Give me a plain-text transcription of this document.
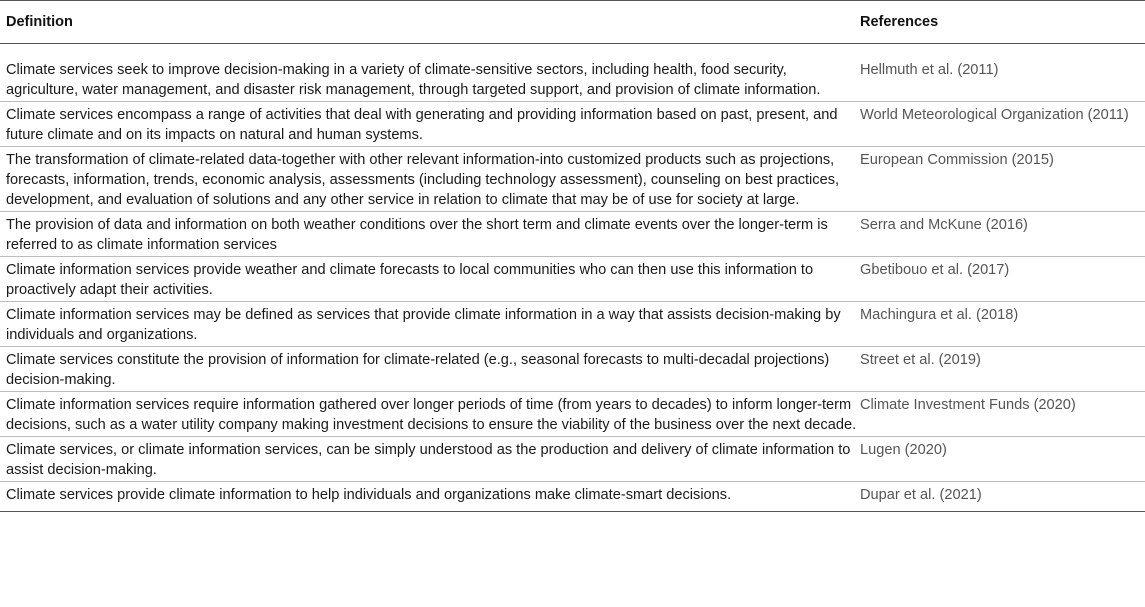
Definition	References
Climate services seek to improve decision-making in a variety of climate-sensitive sectors, including health, food security, agriculture, water management, and disaster risk management, through targeted support, and provision of climate information.	Hellmuth et al. (2011)
Climate services encompass a range of activities that deal with generating and providing information based on past, present, and future climate and on its impacts on natural and human systems.	World Meteorological Organization (2011)
The transformation of climate-related data-together with other relevant information-into customized products such as projections, forecasts, information, trends, economic analysis, assessments (including technology assessment), counseling on best practices, development, and evaluation of solutions and any other service in relation to climate that may be of use for society at large.	European Commission (2015)
The provision of data and information on both weather conditions over the short term and climate events over the longer-term is referred to as climate information services	Serra and McKune (2016)
Climate information services provide weather and climate forecasts to local communities who can then use this information to proactively adapt their activities.	Gbetibouo et al. (2017)
Climate information services may be defined as services that provide climate information in a way that assists decision-making by individuals and organizations.	Machingura et al. (2018)
Climate services constitute the provision of information for climate-related (e.g., seasonal forecasts to multi-decadal projections) decision-making.	Street et al. (2019)
Climate information services require information gathered over longer periods of time (from years to decades) to inform longer-term decisions, such as a water utility company making investment decisions to ensure the viability of the business over the next decade.	Climate Investment Funds (2020)
Climate services, or climate information services, can be simply understood as the production and delivery of climate information to assist decision-making.	Lugen (2020)
Climate services provide climate information to help individuals and organizations make climate-smart decisions.	Dupar et al. (2021)
